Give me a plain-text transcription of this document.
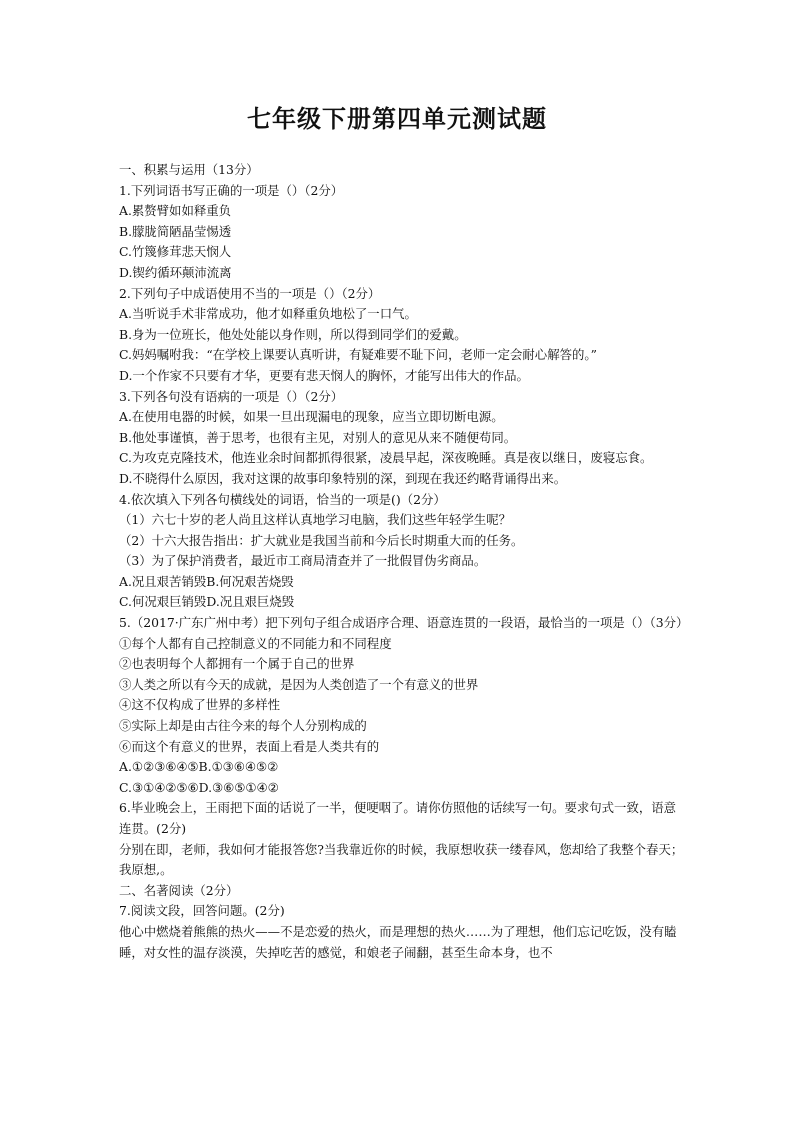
七年级下册第四单元测试题
一、积累与运用（13分）
1.下列词语书写正确的一项是（）（2分）
A.累赘臂如如释重负
B.朦胧简陋晶莹惕透
C.竹篾修茸悲天悯人
D.锲约循环颠沛流离
2.下列句子中成语使用不当的一项是（）（2分）
A.当听说手术非常成功，他才如释重负地松了一口气。
B.身为一位班长，他处处能以身作则，所以得到同学们的爱戴。
C.妈妈嘱咐我：“在学校上课要认真听讲，有疑难要不耻下问，老师一定会耐心解答的。”
D.一个作家不只要有才华，更要有悲天悯人的胸怀，才能写出伟大的作品。
3.下列各句没有语病的一项是（）（2分）
A.在使用电器的时候，如果一旦出现漏电的现象，应当立即切断电源。
B.他处事谨慎，善于思考，也很有主见，对别人的意见从来不随便苟同。
C.为攻克克隆技术，他连业余时间都抓得很紧，凌晨早起，深夜晚睡。真是夜以继日，废寝忘食。
D.不晓得什么原因，我对这课的故事印象特别的深，到现在我还约略背诵得出来。
4.依次填入下列各句横线处的词语，恰当的一项是()（2分）
（1）六七十岁的老人尚且这样认真地学习电脑，我们这些年轻学生呢？
（2）十六大报告指出：扩大就业是我国当前和今后长时期重大而的任务。
（3）为了保护消费者，最近市工商局清查并了一批假冒伪劣商品。
A.况且艰苦销毁B.何况艰苦烧毁
C.何况艰巨销毁D.况且艰巨烧毁
5.（2017·广东广州中考）把下列句子组合成语序合理、语意连贯的一段语，最恰当的一项是（）（3分）
①每个人都有自己控制意义的不同能力和不同程度
②也表明每个人都拥有一个属于自己的世界
③人类之所以有今天的成就，是因为人类创造了一个有意义的世界
④这不仅构成了世界的多样性
⑤实际上却是由古往今来的每个人分别构成的
⑥而这个有意义的世界，表面上看是人类共有的
A.①②③⑥④⑤B.①③⑥④⑤②
C.③①④②⑤⑥D.③⑥⑤①④②
6.毕业晚会上，王雨把下面的话说了一半，便哽咽了。请你仿照他的话续写一句。要求句式一致，语意连贯。(2分)
分别在即，老师，我如何才能报答您?当我靠近你的时候，我原想收获一缕春风，您却给了我整个春天；我原想,。
二、名著阅读（2分）
7.阅读文段，回答问题。(2分)
他心中燃烧着熊熊的热火——不是恋爱的热火，而是理想的热火……为了理想，他们忘记吃饭，没有瞌睡，对女性的温存淡漠，失掉吃苦的感觉，和娘老子闹翻，甚至生命本身，也不
